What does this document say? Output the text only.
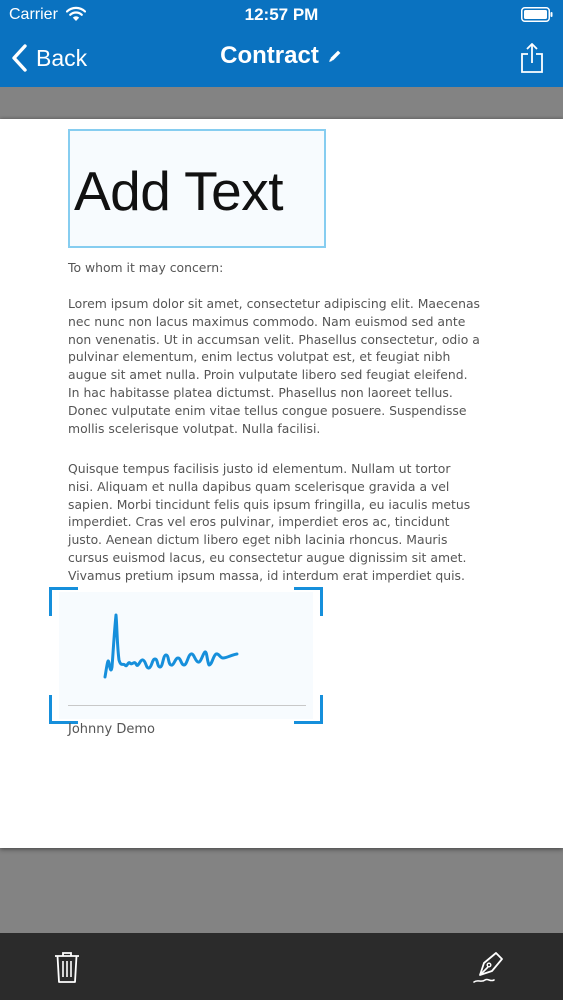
Carrier	12:57 PM
Back	Contract
Add Text
To whom it may concern:
Lorem ipsum dolor sit amet, consectetur adipiscing elit. Maecenas
nec nunc non lacus maximus commodo. Nam euismod sed ante
non venenatis. Ut in accumsan velit. Phasellus consectetur, odio a
pulvinar elementum, enim lectus volutpat est, et feugiat nibh
augue sit amet nulla. Proin vulputate libero sed feugiat eleifend.
In hac habitasse platea dictumst. Phasellus non laoreet tellus.
Donec vulputate enim vitae tellus congue posuere. Suspendisse
mollis scelerisque volutpat. Nulla facilisi.
Quisque tempus facilisis justo id elementum. Nullam ut tortor
nisi. Aliquam et nulla dapibus quam scelerisque gravida a vel
sapien. Morbi tincidunt felis quis ipsum fringilla, eu iaculis metus
imperdiet. Cras vel eros pulvinar, imperdiet eros ac, tincidunt
justo. Aenean dictum libero eget nibh lacinia rhoncus. Mauris
cursus euismod lacus, eu consectetur augue dignissim sit amet.
Vivamus pretium ipsum massa, id interdum erat imperdiet quis.
Johnny Demo
